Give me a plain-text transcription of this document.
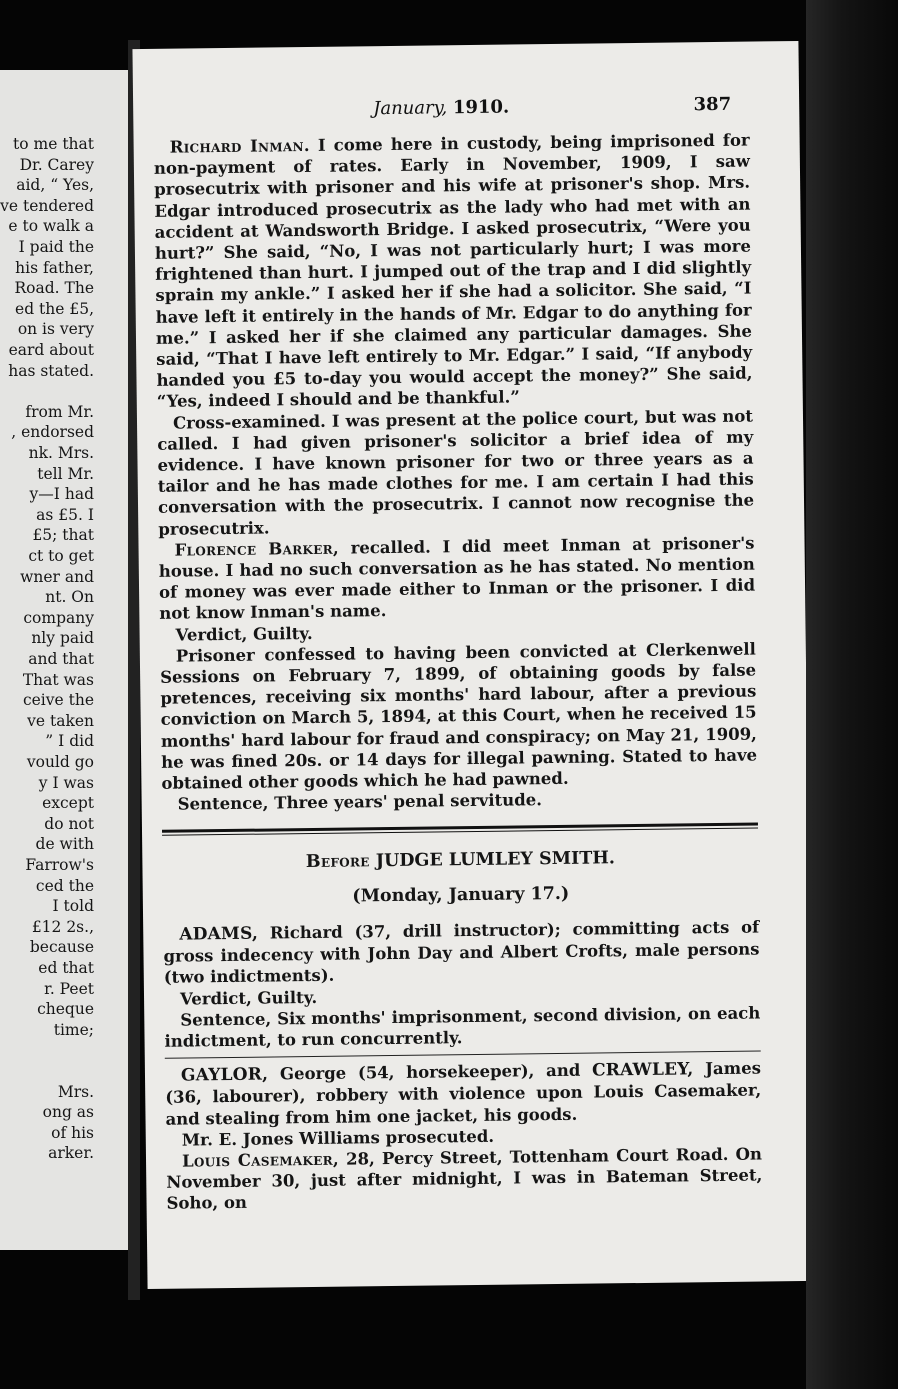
to me that
Dr. Carey
aid, “ Yes,
ve tendered
e to walk a
I paid the
his father,
Road. The
ed the £5,
on is very
eard about
has stated.
from Mr.
, endorsed
nk. Mrs.
tell Mr.
y—I had
as £5. I
£5; that
ct to get
wner and
nt. On
company
nly paid
and that
That was
ceive the
ve taken
” I did
vould go
y I was
except
do not
de with
Farrow's
ced the
I told
£12 2s.,
because
ed that
r. Peet
cheque
time;
Mrs.
ong as
of his
arker.
January, 1910.	387

Richard Inman. I come here in custody, being imprisoned for non-payment of rates. Early in November, 1909, I saw prosecutrix with prisoner and his wife at prisoner's shop. Mrs. Edgar introduced prosecutrix as the lady who had met with an accident at Wandsworth Bridge. I asked prosecutrix, “Were you hurt?” She said, “No, I was not particularly hurt; I was more frightened than hurt. I jumped out of the trap and I did slightly sprain my ankle.” I asked her if she had a solicitor. She said, “I have left it entirely in the hands of Mr. Edgar to do anything for me.” I asked her if she claimed any particular damages. She said, “That I have left entirely to Mr. Edgar.” I said, “If anybody handed you £5 to-day you would accept the money?” She said, “Yes, indeed I should and be thankful.”

Cross-examined. I was present at the police court, but was not called. I had given prisoner's solicitor a brief idea of my evidence. I have known prisoner for two or three years as a tailor and he has made clothes for me. I am certain I had this conversation with the prosecutrix. I cannot now recognise the prosecutrix.

Florence Barker, recalled. I did meet Inman at prisoner's house. I had no such conversation as he has stated. No mention of money was ever made either to Inman or the prisoner. I did not know Inman's name.

Verdict, Guilty.

Prisoner confessed to having been convicted at Clerkenwell Sessions on February 7, 1899, of obtaining goods by false pretences, receiving six months' hard labour, after a previous conviction on March 5, 1894, at this Court, when he received 15 months' hard labour for fraud and conspiracy; on May 21, 1909, he was fined 20s. or 14 days for illegal pawning. Stated to have obtained other goods which he had pawned.

Sentence, Three years' penal servitude.

Before JUDGE LUMLEY SMITH.

(Monday, January 17.)

ADAMS, Richard (37, drill instructor); committing acts of gross indecency with John Day and Albert Crofts, male persons (two indictments).

Verdict, Guilty.

Sentence, Six months' imprisonment, second division, on each indictment, to run concurrently.

GAYLOR, George (54, horsekeeper), and CRAWLEY, James (36, labourer), robbery with violence upon Louis Casemaker, and stealing from him one jacket, his goods.

Mr. E. Jones Williams prosecuted.

Louis Casemaker, 28, Percy Street, Tottenham Court Road. On November 30, just after midnight, I was in Bateman Street, Soho, on
